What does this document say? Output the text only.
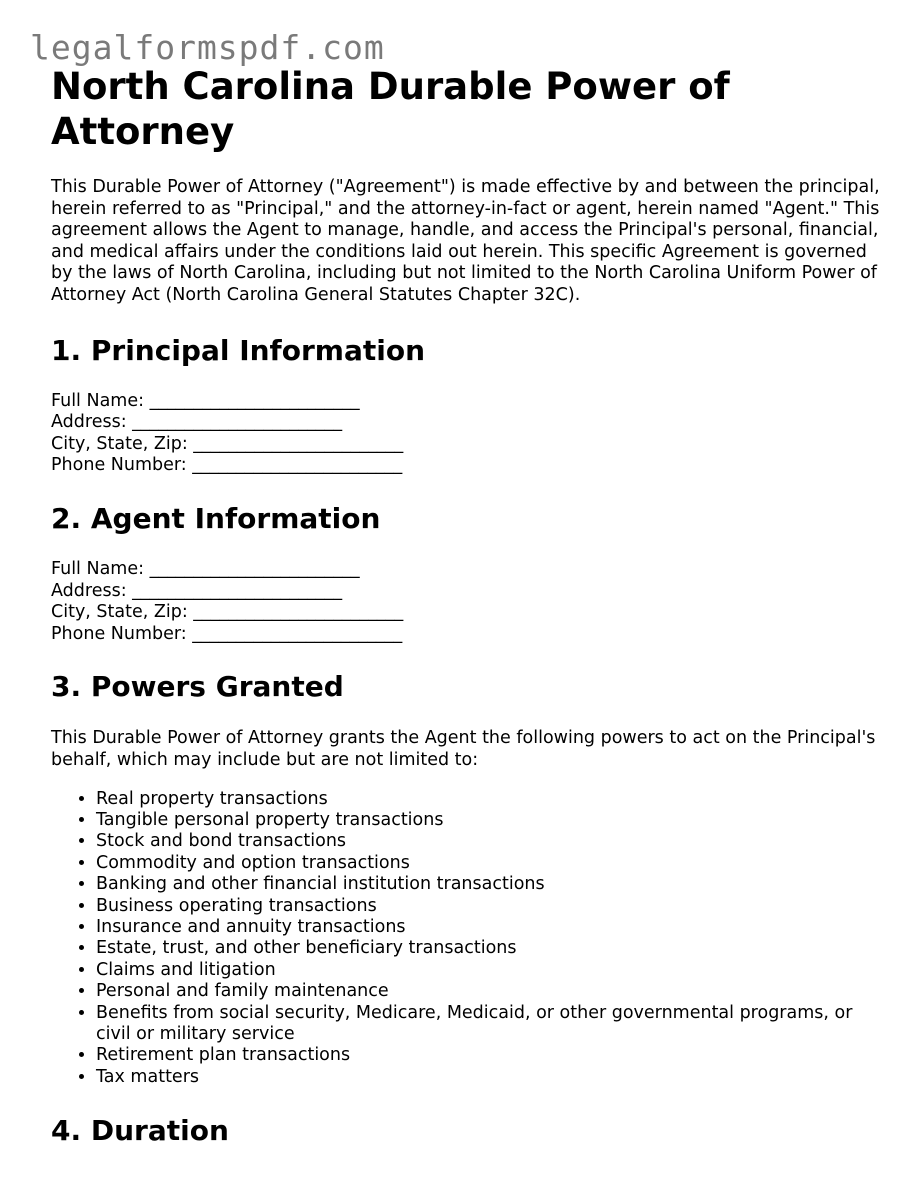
legalformspdf.com
North Carolina Durable Power of Attorney

This Durable Power of Attorney ("Agreement") is made effective by and between the principal, herein referred to as "Principal," and the attorney-in-fact or agent, herein named "Agent." This agreement allows the Agent to manage, handle, and access the Principal's personal, financial, and medical affairs under the conditions laid out herein. This specific Agreement is governed by the laws of North Carolina, including but not limited to the North Carolina Uniform Power of Attorney Act (North Carolina General Statutes Chapter 32C).

1. Principal Information
Full Name: ________________________
Address: ________________________
City, State, Zip: ________________________
Phone Number: ________________________
2. Agent Information
Full Name: ________________________
Address: ________________________
City, State, Zip: ________________________
Phone Number: ________________________
3. Powers Granted

This Durable Power of Attorney grants the Agent the following powers to act on the Principal's behalf, which may include but are not limited to:

• Real property transactions
• Tangible personal property transactions
• Stock and bond transactions
• Commodity and option transactions
• Banking and other financial institution transactions
• Business operating transactions
• Insurance and annuity transactions
• Estate, trust, and other beneficiary transactions
• Claims and litigation
• Personal and family maintenance
• Benefits from social security, Medicare, Medicaid, or other governmental programs, or civil or military service
• Retirement plan transactions
• Tax matters
4. Duration
